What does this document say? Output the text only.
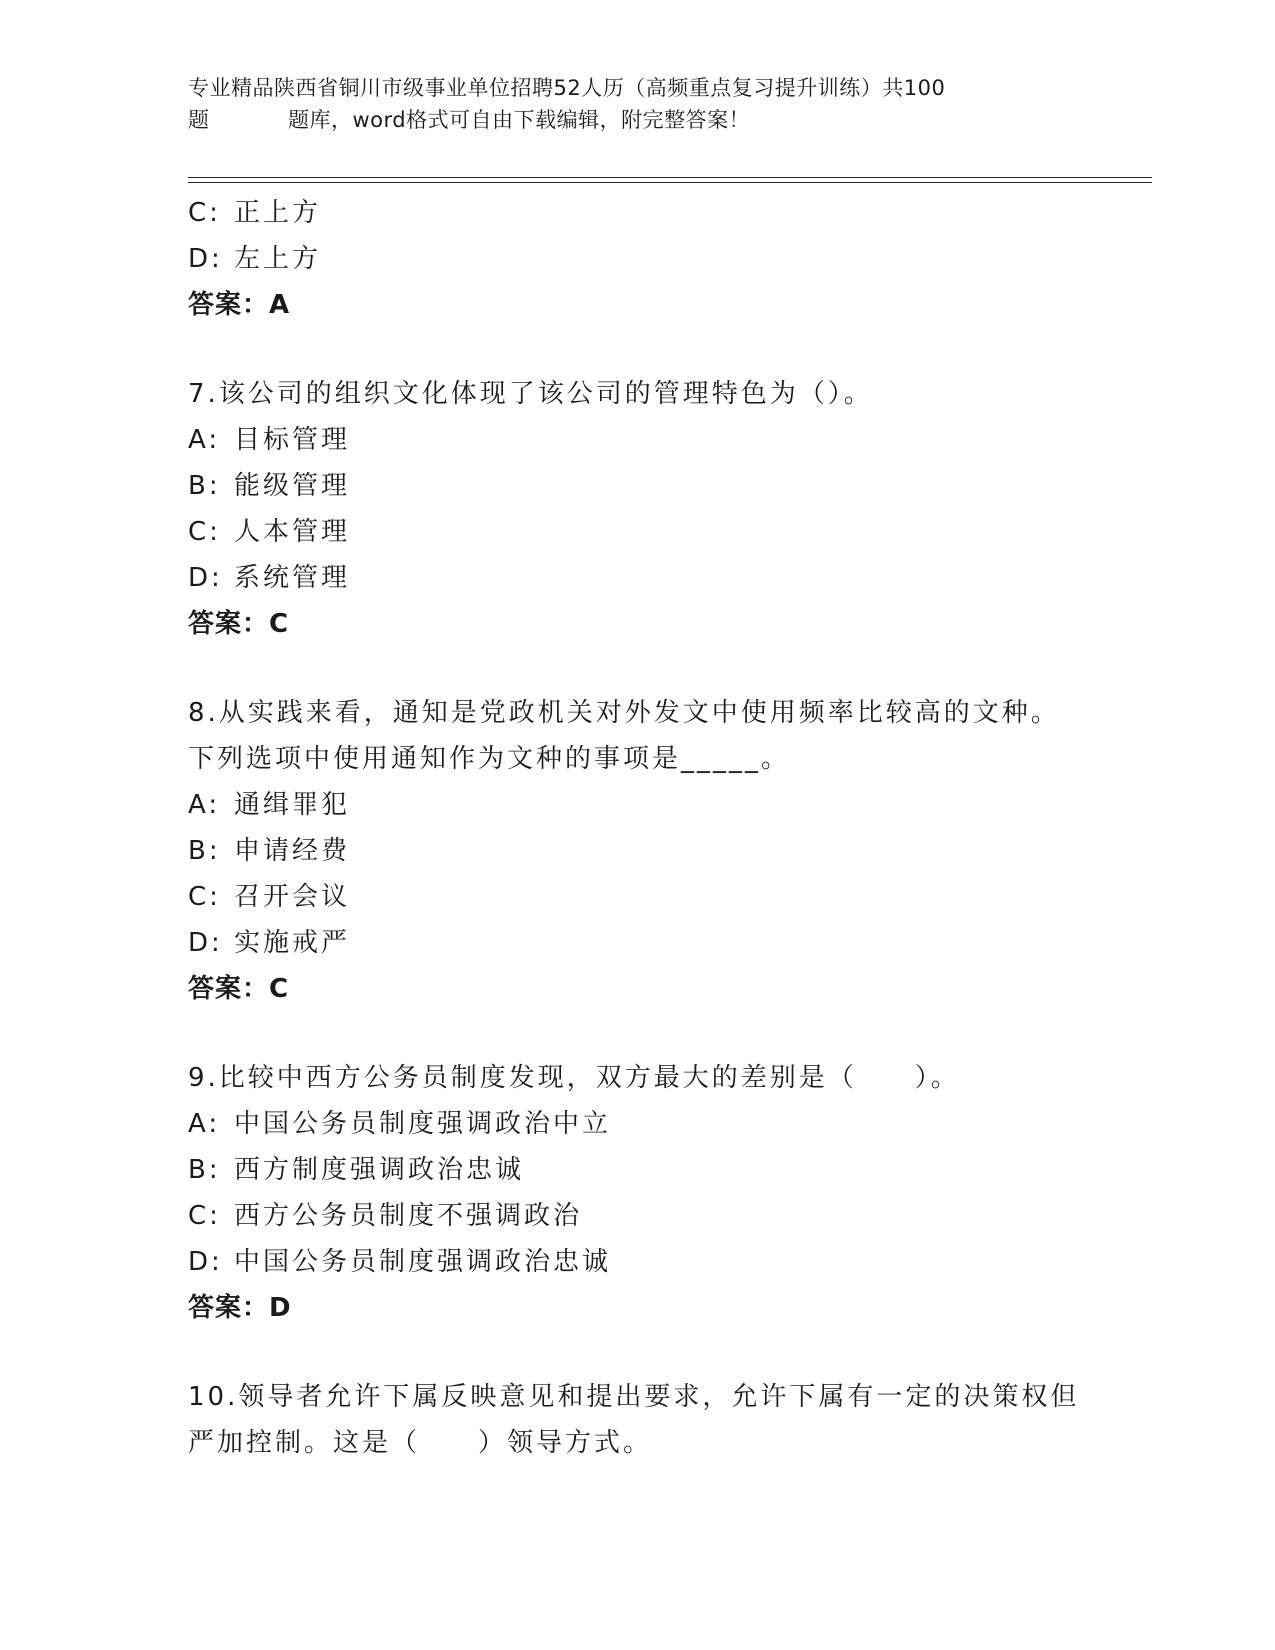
专业精品陕西省铜川市级事业单位招聘52人历（高频重点复习提升训练）共100
题	题库，word格式可自由下载编辑，附完整答案！
C: 正上方
D: 左上方
答案：A
7.该公司的组织文化体现了该公司的管理特色为（）。
A: 目标管理
B: 能级管理
C: 人本管理
D: 系统管理
答案：C
8.从实践来看，通知是党政机关对外发文中使用频率比较高的文种。
下列选项中使用通知作为文种的事项是_____。
A: 通缉罪犯
B: 申请经费
C: 召开会议
D: 实施戒严
答案：C
9.比较中西方公务员制度发现，双方最大的差别是（　　）。
A: 中国公务员制度强调政治中立
B: 西方制度强调政治忠诚
C: 西方公务员制度不强调政治
D: 中国公务员制度强调政治忠诚
答案：D
10.领导者允许下属反映意见和提出要求，允许下属有一定的决策权但
严加控制。这是（　　）领导方式。
